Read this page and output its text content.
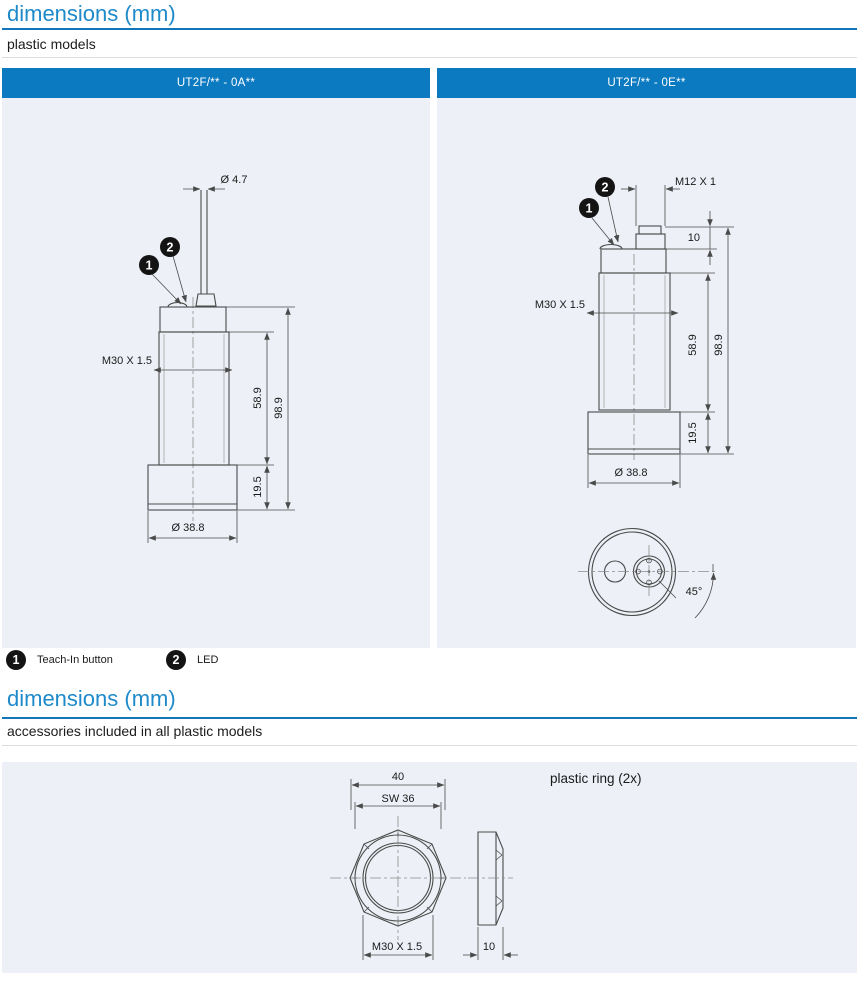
dimensions (mm)
plastic models
UT2F/** - 0A**
Ø 4.7
2
1
58.9 98.9
19.5
Ø 38.8
M30 X 1.5
UT2F/** - 0E**
M12 X 1
2
1
10
58.9 98.9
19.5
Ø 38.8
M30 X 1.5
45°
1	Teach-In button	2	LED
dimensions (mm)
accessories included in all plastic models
40
SW 36
M30 X 1.5	10
plastic ring (2x)
